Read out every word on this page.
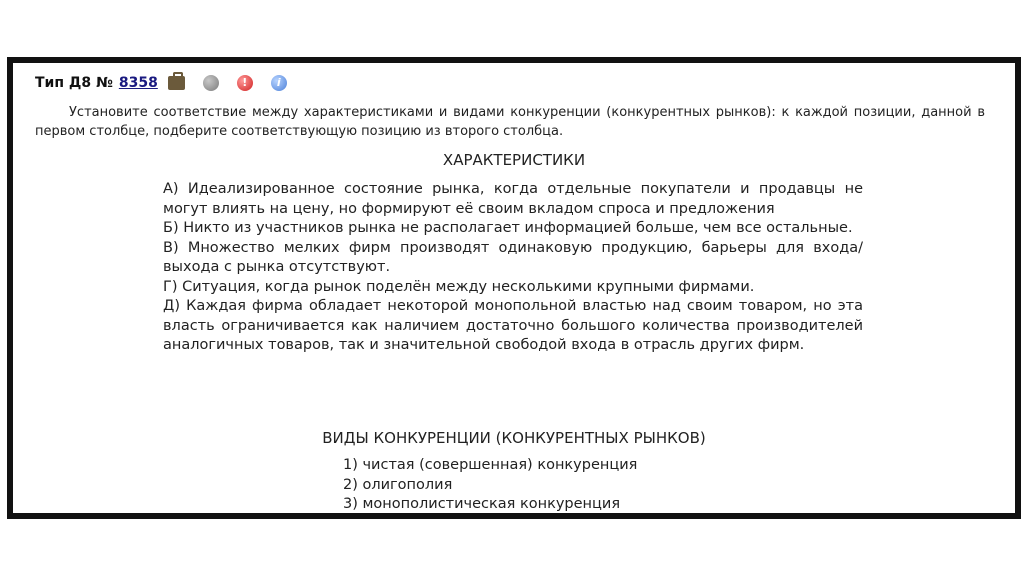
Тип Д8 № 8358	!	i
Установите соответствие между характеристиками и видами конкуренции (конкурентных рынков): к каждой позиции, данной в первом столбце, подберите соответствующую позицию из второго столбца.
ХАРАКТЕРИСТИКИ

А) Идеализированное состояние рынка, когда отдельные покупатели и продавцы не могут влиять на цену, но формируют её своим вкладом спроса и предложения

Б) Никто из участников рынка не располагает информацией больше, чем все остальные.

В) Множество мелких фирм производят одинаковую продукцию, барьеры для входа/выхода с рынка отсутствуют.

Г) Ситуация, когда рынок поделён между несколькими крупными фирмами.

Д) Каждая фирма обладает некоторой монопольной властью над своим товаром, но эта власть ограничивается как наличием достаточно большого количества производителей аналогичных товаров, так и значительной свободой входа в отрасль других фирм.

ВИДЫ КОНКУРЕНЦИИ (КОНКУРЕНТНЫХ РЫНКОВ)

1) чистая (совершенная) конкуренция

2) олигополия

3) монополистическая конкуренция
